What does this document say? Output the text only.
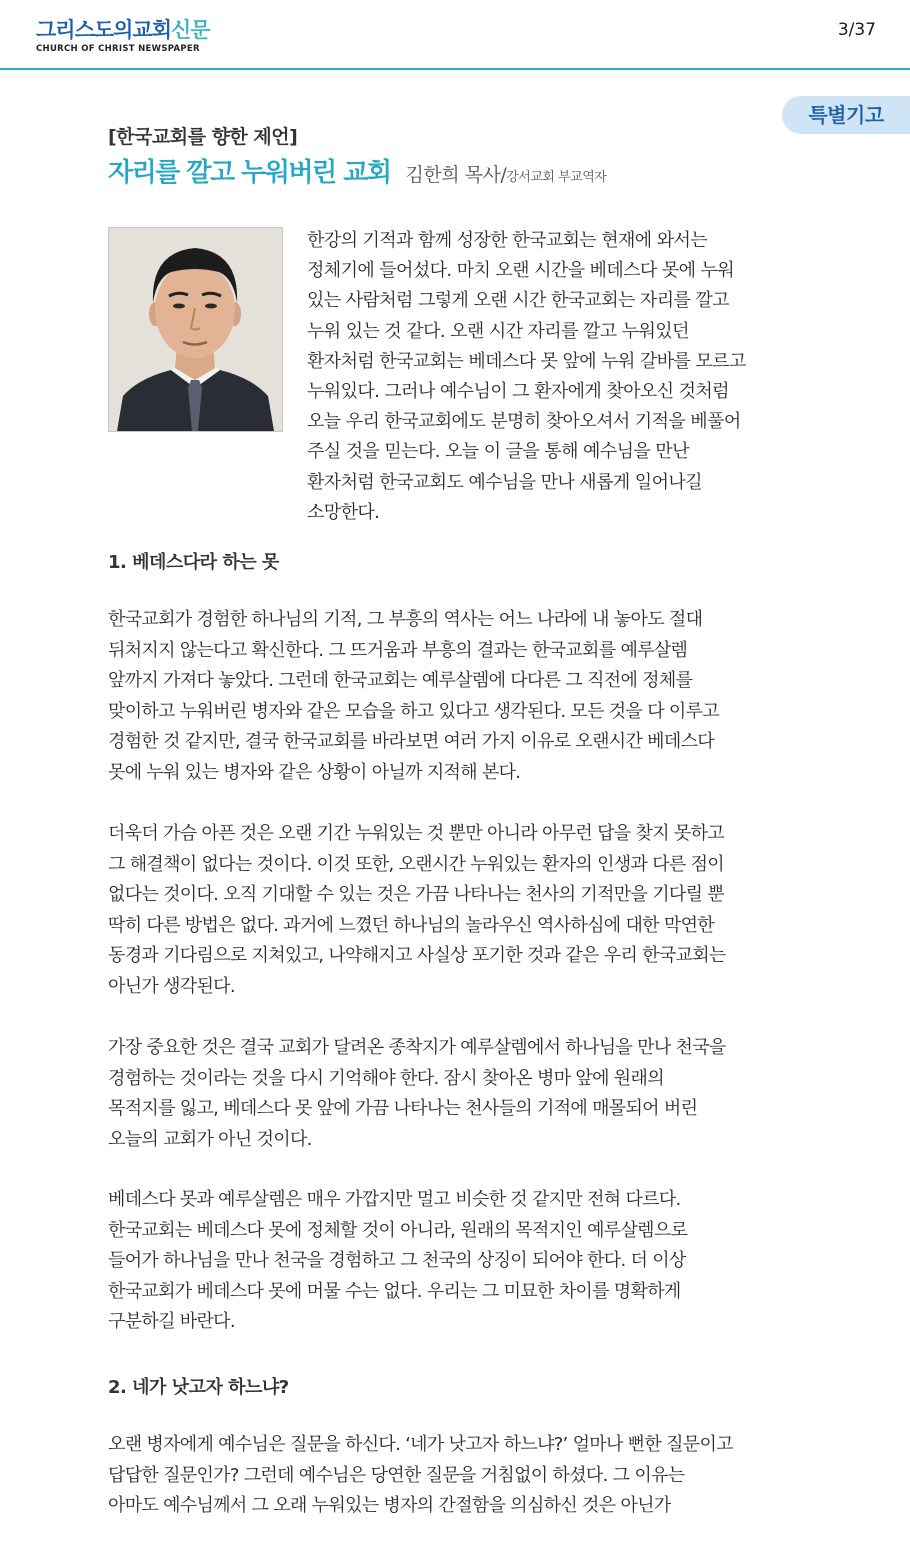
그리스도의교회신문
CHURCH OF CHRIST NEWSPAPER
3/37
특별기고
[한국교회를 향한 제언]
자리를 깔고 누워버린 교회 김한희 목사/강서교회 부교역자
한강의 기적과 함께 성장한 한국교회는 현재에 와서는
정체기에 들어섰다. 마치 오랜 시간을 베데스다 못에 누워
있는 사람처럼 그렇게 오랜 시간 한국교회는 자리를 깔고
누워 있는 것 같다. 오랜 시간 자리를 깔고 누워있던
환자처럼 한국교회는 베데스다 못 앞에 누워 갈바를 모르고
누워있다. 그러나 예수님이 그 환자에게 찾아오신 것처럼
오늘 우리 한국교회에도 분명히 찾아오셔서 기적을 베풀어
주실 것을 믿는다. 오늘 이 글을 통해 예수님을 만난
환자처럼 한국교회도 예수님을 만나 새롭게 일어나길
소망한다.
1. 베데스다라 하는 못
한국교회가 경험한 하나님의 기적, 그 부흥의 역사는 어느 나라에 내 놓아도 절대
뒤처지지 않는다고 확신한다. 그 뜨거움과 부흥의 결과는 한국교회를 예루살렘
앞까지 가져다 놓았다. 그런데 한국교회는 예루살렘에 다다른 그 직전에 정체를
맞이하고 누워버린 병자와 같은 모습을 하고 있다고 생각된다. 모든 것을 다 이루고
경험한 것 같지만, 결국 한국교회를 바라보면 여러 가지 이유로 오랜시간 베데스다
못에 누워 있는 병자와 같은 상황이 아닐까 지적해 본다.
더욱더 가슴 아픈 것은 오랜 기간 누워있는 것 뿐만 아니라 아무런 답을 찾지 못하고
그 해결책이 없다는 것이다. 이것 또한, 오랜시간 누워있는 환자의 인생과 다른 점이
없다는 것이다. 오직 기대할 수 있는 것은 가끔 나타나는 천사의 기적만을 기다릴 뿐
딱히 다른 방법은 없다. 과거에 느꼈던 하나님의 놀라우신 역사하심에 대한 막연한
동경과 기다림으로 지쳐있고, 나약해지고 사실상 포기한 것과 같은 우리 한국교회는
아닌가 생각된다.
가장 중요한 것은 결국 교회가 달려온 종착지가 예루살렘에서 하나님을 만나 천국을
경험하는 것이라는 것을 다시 기억해야 한다. 잠시 찾아온 병마 앞에 원래의
목적지를 잃고, 베데스다 못 앞에 가끔 나타나는 천사들의 기적에 매몰되어 버린
오늘의 교회가 아닌 것이다.
베데스다 못과 예루살렘은 매우 가깝지만 멀고 비슷한 것 같지만 전혀 다르다.
한국교회는 베데스다 못에 정체할 것이 아니라, 원래의 목적지인 예루살렘으로
들어가 하나님을 만나 천국을 경험하고 그 천국의 상징이 되어야 한다. 더 이상
한국교회가 베데스다 못에 머물 수는 없다. 우리는 그 미묘한 차이를 명확하게
구분하길 바란다.
2. 네가 낫고자 하느냐?
오랜 병자에게 예수님은 질문을 하신다. ‘네가 낫고자 하느냐?’ 얼마나 뻔한 질문이고
답답한 질문인가? 그런데 예수님은 당연한 질문을 거침없이 하셨다. 그 이유는
아마도 예수님께서 그 오래 누워있는 병자의 간절함을 의심하신 것은 아닌가
